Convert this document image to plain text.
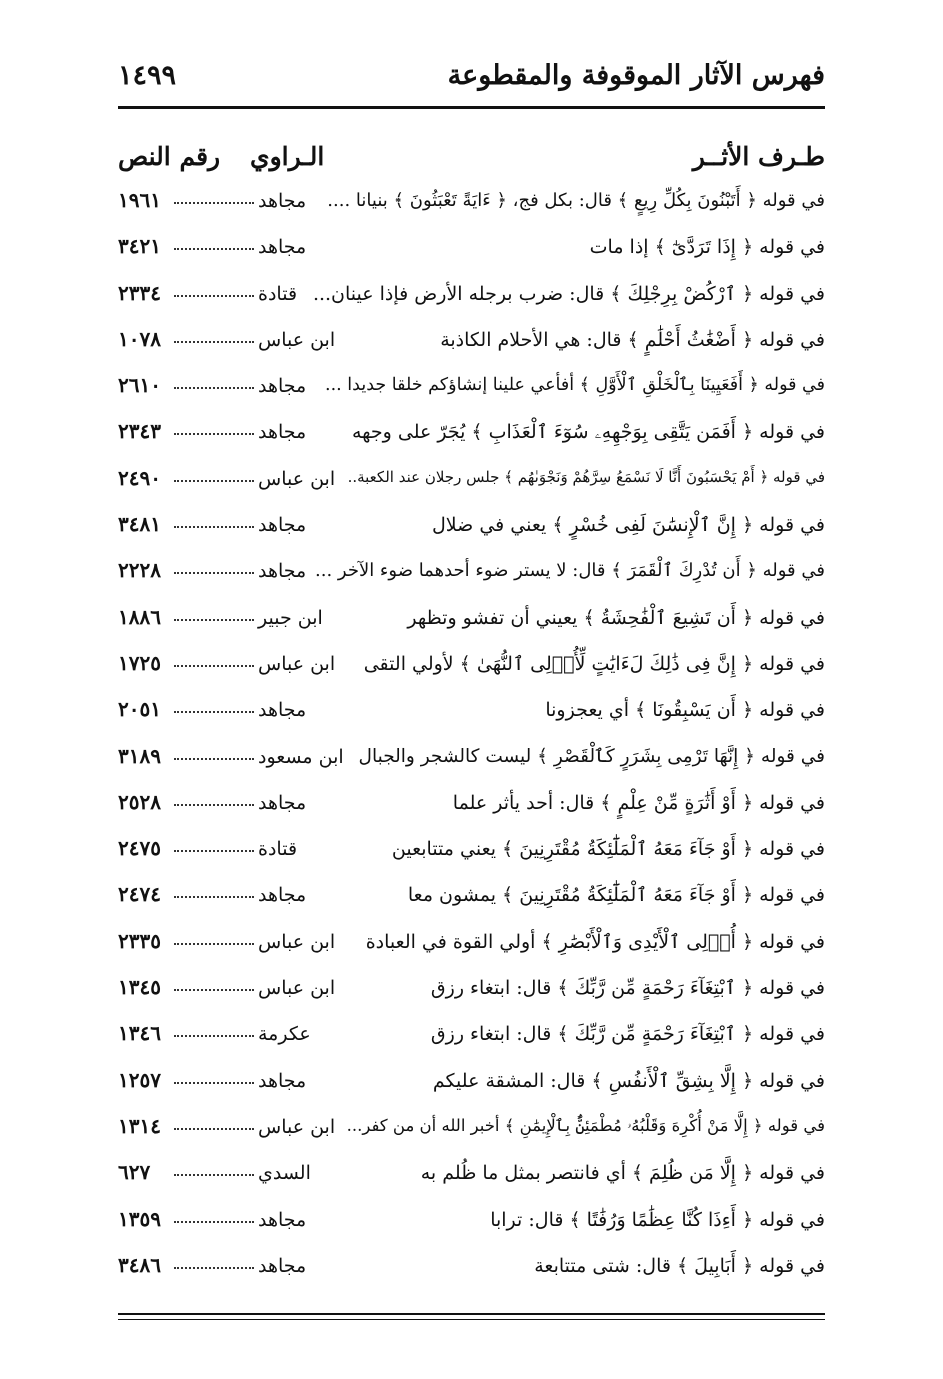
فهرس الآثار الموقوفة والمقطوعة
١٤٩٩
طـرف الأثــر
الـراوي
رقم النص
في قوله ﴿ أَتَبْنُونَ بِكُلِّ رِيعٍ ﴾ قال: بكل فج، ﴿ ءَايَةً تَعْبَثُونَ ﴾ بنيانا ....
مجاهد
١٩٦١
في قوله ﴿ إِذَا تَرَدَّىٰٓ ﴾ إذا مات
مجاهد
٣٤٢١
في قوله ﴿ ٱرْكُضْ بِرِجْلِكَ ﴾ قال: ضرب برجله الأرض فإذا عينان...
قتادة
٢٣٣٤
في قوله ﴿ أَضْغَٰثُ أَحْلَٰمٍ ﴾ قال: هي الأحلام الكاذبة
ابن عباس
١٠٧٨
في قوله ﴿ أَفَعَيِينَا بِٱلْخَلْقِ ٱلْأَوَّلِ ﴾ أفأعي علينا إنشاؤكم خلقا جديدا ...
مجاهد
٢٦١٠
في قوله ﴿ أَفَمَن يَتَّقِى بِوَجْهِهِۦ سُوٓءَ ٱلْعَذَابِ ﴾ يُجَرّ على وجهه
مجاهد
٢٣٤٣
في قوله ﴿ أَمْ يَحْسَبُونَ أَنَّا لَا نَسْمَعُ سِرَّهُمْ وَنَجْوَىٰهُم ﴾ جلس رجلان عند الكعبة..
ابن عباس
٢٤٩٠
في قوله ﴿ إِنَّ ٱلْإِنسَٰنَ لَفِى خُسْرٍ ﴾ يعني في ضلال
مجاهد
٣٤٨١
في قوله ﴿ أَن تُدْرِكَ ٱلْقَمَرَ ﴾ قال: لا يستر ضوء أحدهما ضوء الآخر ...
مجاهد
٢٢٢٨
في قوله ﴿ أَن تَشِيعَ ٱلْفَٰحِشَةُ ﴾ يعيني أن تفشو وتظهر
ابن جبير
١٨٨٦
في قوله ﴿ إِنَّ فِى ذَٰلِكَ لَءَايَٰتٍ لِّأُو۟لِى ٱلنُّهَىٰ ﴾ لأولي التقى
ابن عباس
١٧٢٥
في قوله ﴿ أَن يَسْبِقُونَا ﴾ أي يعجزونا
مجاهد
٢٠٥١
في قوله ﴿ إِنَّهَا تَرْمِى بِشَرَرٍ كَٱلْقَصْرِ ﴾ ليست كالشجر والجبال
ابن مسعود
٣١٨٩
في قوله ﴿ أَوْ أَثَٰرَةٍ مِّنْ عِلْمٍ ﴾ قال: أحد يأثر علما
مجاهد
٢٥٢٨
في قوله ﴿ أَوْ جَآءَ مَعَهُ ٱلْمَلَٰٓئِكَةُ مُقْتَرِنِينَ ﴾ يعني متتابعين
قتادة
٢٤٧٥
في قوله ﴿ أَوْ جَآءَ مَعَهُ ٱلْمَلَٰٓئِكَةُ مُقْتَرِنِينَ ﴾ يمشون معا
مجاهد
٢٤٧٤
في قوله ﴿ أُو۟لِى ٱلْأَيْدِى وَٱلْأَبْصَٰرِ ﴾ أولي القوة في العبادة
ابن عباس
٢٣٣٥
في قوله ﴿ ٱبْتِغَآءَ رَحْمَةٍ مِّن رَّبِّكَ ﴾ قال: ابتغاء رزق
ابن عباس
١٣٤٥
في قوله ﴿ ٱبْتِغَآءَ رَحْمَةٍ مِّن رَّبِّكَ ﴾ قال: ابتغاء رزق
عكرمة
١٣٤٦
في قوله ﴿ إِلَّا بِشِقِّ ٱلْأَنفُسِ ﴾ قال: المشقة عليكم
مجاهد
١٢٥٧
في قوله ﴿ إِلَّا مَنْ أُكْرِهَ وَقَلْبُهُۥ مُطْمَئِنٌّۢ بِٱلْإِيمَٰنِ ﴾ أخبر الله أن من كفر...
ابن عباس
١٣١٤
في قوله ﴿ إِلَّا مَن ظُلِمَ ﴾ أي فانتصر بمثل ما ظُلم به
السدي
٦٢٧
في قوله ﴿ أَءِذَا كُنَّا عِظَٰمًا وَرُفَٰتًا ﴾ قال: ترابا
مجاهد
١٣٥٩
في قوله ﴿ أَبَابِيلَ ﴾ قال: شتى متتابعة
مجاهد
٣٤٨٦
